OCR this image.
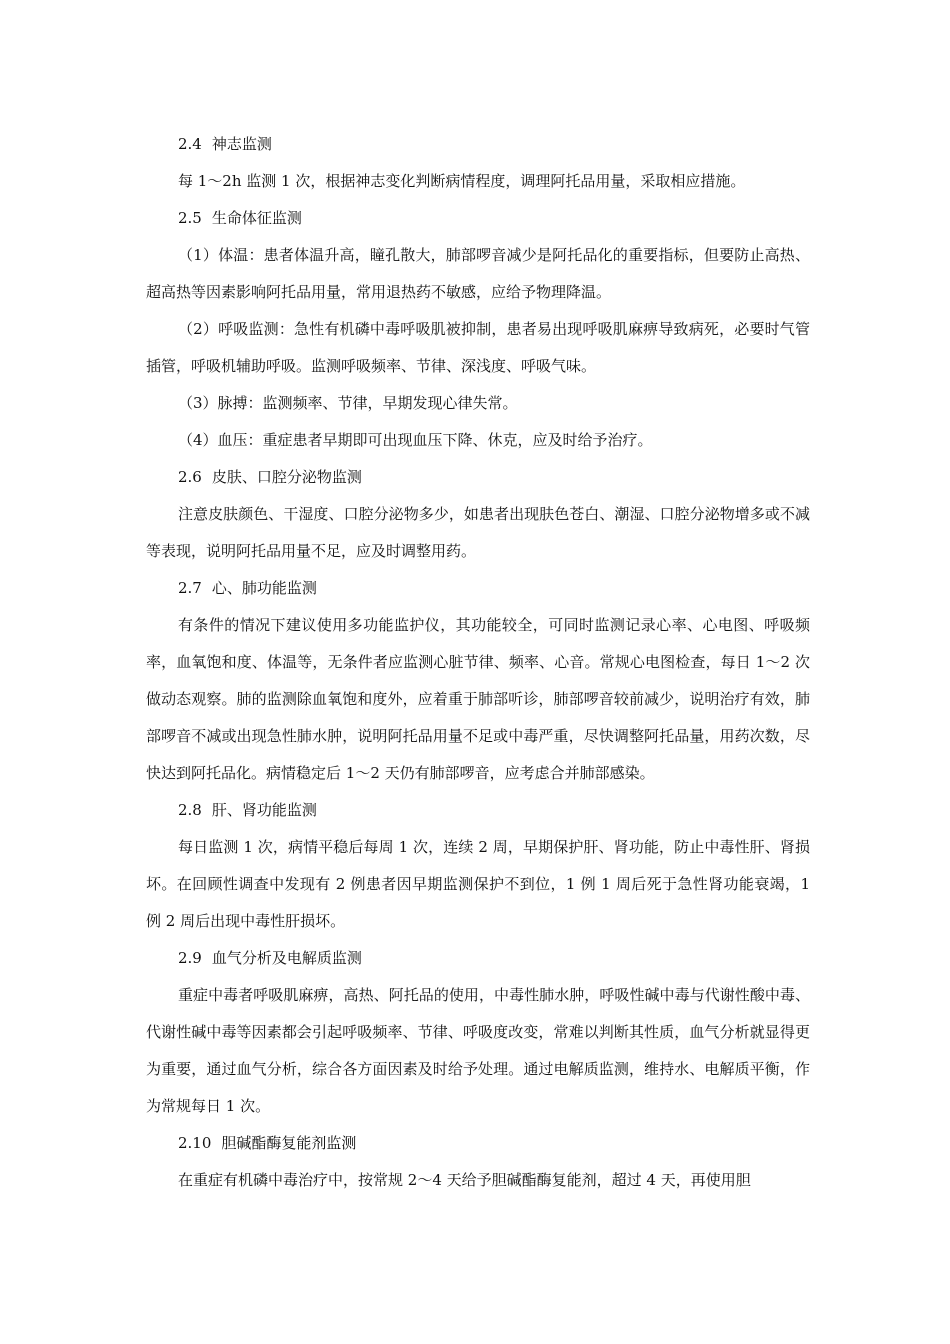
2.4 神志监测

每 1～2h 监测 1 次，根据神志变化判断病情程度，调理阿托品用量，采取相应措施。

2.5 生命体征监测

（1）体温：患者体温升高，瞳孔散大，肺部啰音减少是阿托品化的重要指标，但要防止高热、超高热等因素影响阿托品用量，常用退热药不敏感，应给予物理降温。

（2）呼吸监测：急性有机磷中毒呼吸肌被抑制，患者易出现呼吸肌麻痹导致病死，必要时气管插管，呼吸机辅助呼吸。监测呼吸频率、节律、深浅度、呼吸气味。

（3）脉搏：监测频率、节律，早期发现心律失常。

（4）血压：重症患者早期即可出现血压下降、休克，应及时给予治疗。

2.6 皮肤、口腔分泌物监测

注意皮肤颜色、干湿度、口腔分泌物多少，如患者出现肤色苍白、潮湿、口腔分泌物增多或不减等表现，说明阿托品用量不足，应及时调整用药。

2.7 心、肺功能监测

有条件的情况下建议使用多功能监护仪，其功能较全，可同时监测记录心率、心电图、呼吸频率，血氧饱和度、体温等，无条件者应监测心脏节律、频率、心音。常规心电图检查，每日 1～2 次做动态观察。肺的监测除血氧饱和度外，应着重于肺部听诊，肺部啰音较前减少，说明治疗有效，肺部啰音不减或出现急性肺水肿，说明阿托品用量不足或中毒严重，尽快调整阿托品量，用药次数，尽快达到阿托品化。病情稳定后 1～2 天仍有肺部啰音，应考虑合并肺部感染。

2.8 肝、肾功能监测

每日监测 1 次，病情平稳后每周 1 次，连续 2 周，早期保护肝、肾功能，防止中毒性肝、肾损坏。在回顾性调查中发现有 2 例患者因早期监测保护不到位，1 例 1 周后死于急性肾功能衰竭，1 例 2 周后出现中毒性肝损坏。

2.9 血气分析及电解质监测

重症中毒者呼吸肌麻痹，高热、阿托品的使用，中毒性肺水肿，呼吸性碱中毒与代谢性酸中毒、代谢性碱中毒等因素都会引起呼吸频率、节律、呼吸度改变，常难以判断其性质，血气分析就显得更为重要，通过血气分析，综合各方面因素及时给予处理。通过电解质监测，维持水、电解质平衡，作为常规每日 1 次。

2.10 胆碱酯酶复能剂监测

在重症有机磷中毒治疗中，按常规 2～4 天给予胆碱酯酶复能剂，超过 4 天，再使用胆
